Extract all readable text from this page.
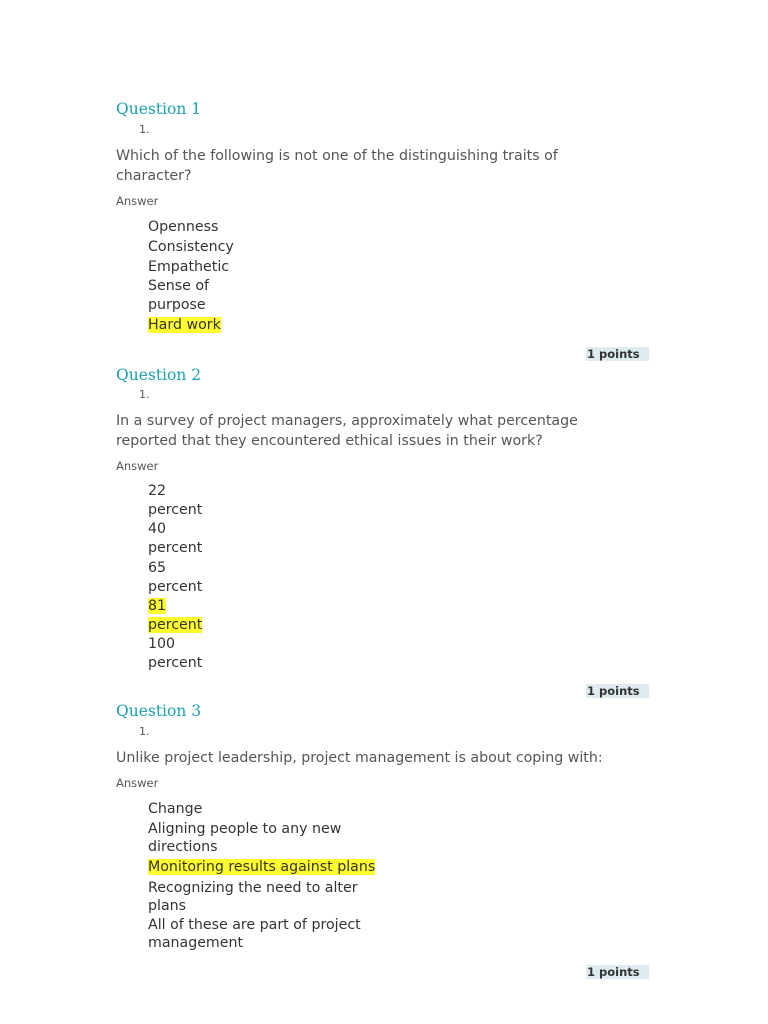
Question 1
1.
Which of the following is not one of the distinguishing traits of
character?
Answer
Openness
Consistency
Empathetic
Sense of
purpose
Hard work
1 points
Question 2
1.
In a survey of project managers, approximately what percentage
reported that they encountered ethical issues in their work?
Answer
22
percent
40
percent
65
percent
81
percent
100
percent
1 points
Question 3
1.
Unlike project leadership, project management is about coping with:
Answer
Change
Aligning people to any new
directions
Monitoring results against plans
Recognizing the need to alter
plans
All of these are part of project
management
1 points
